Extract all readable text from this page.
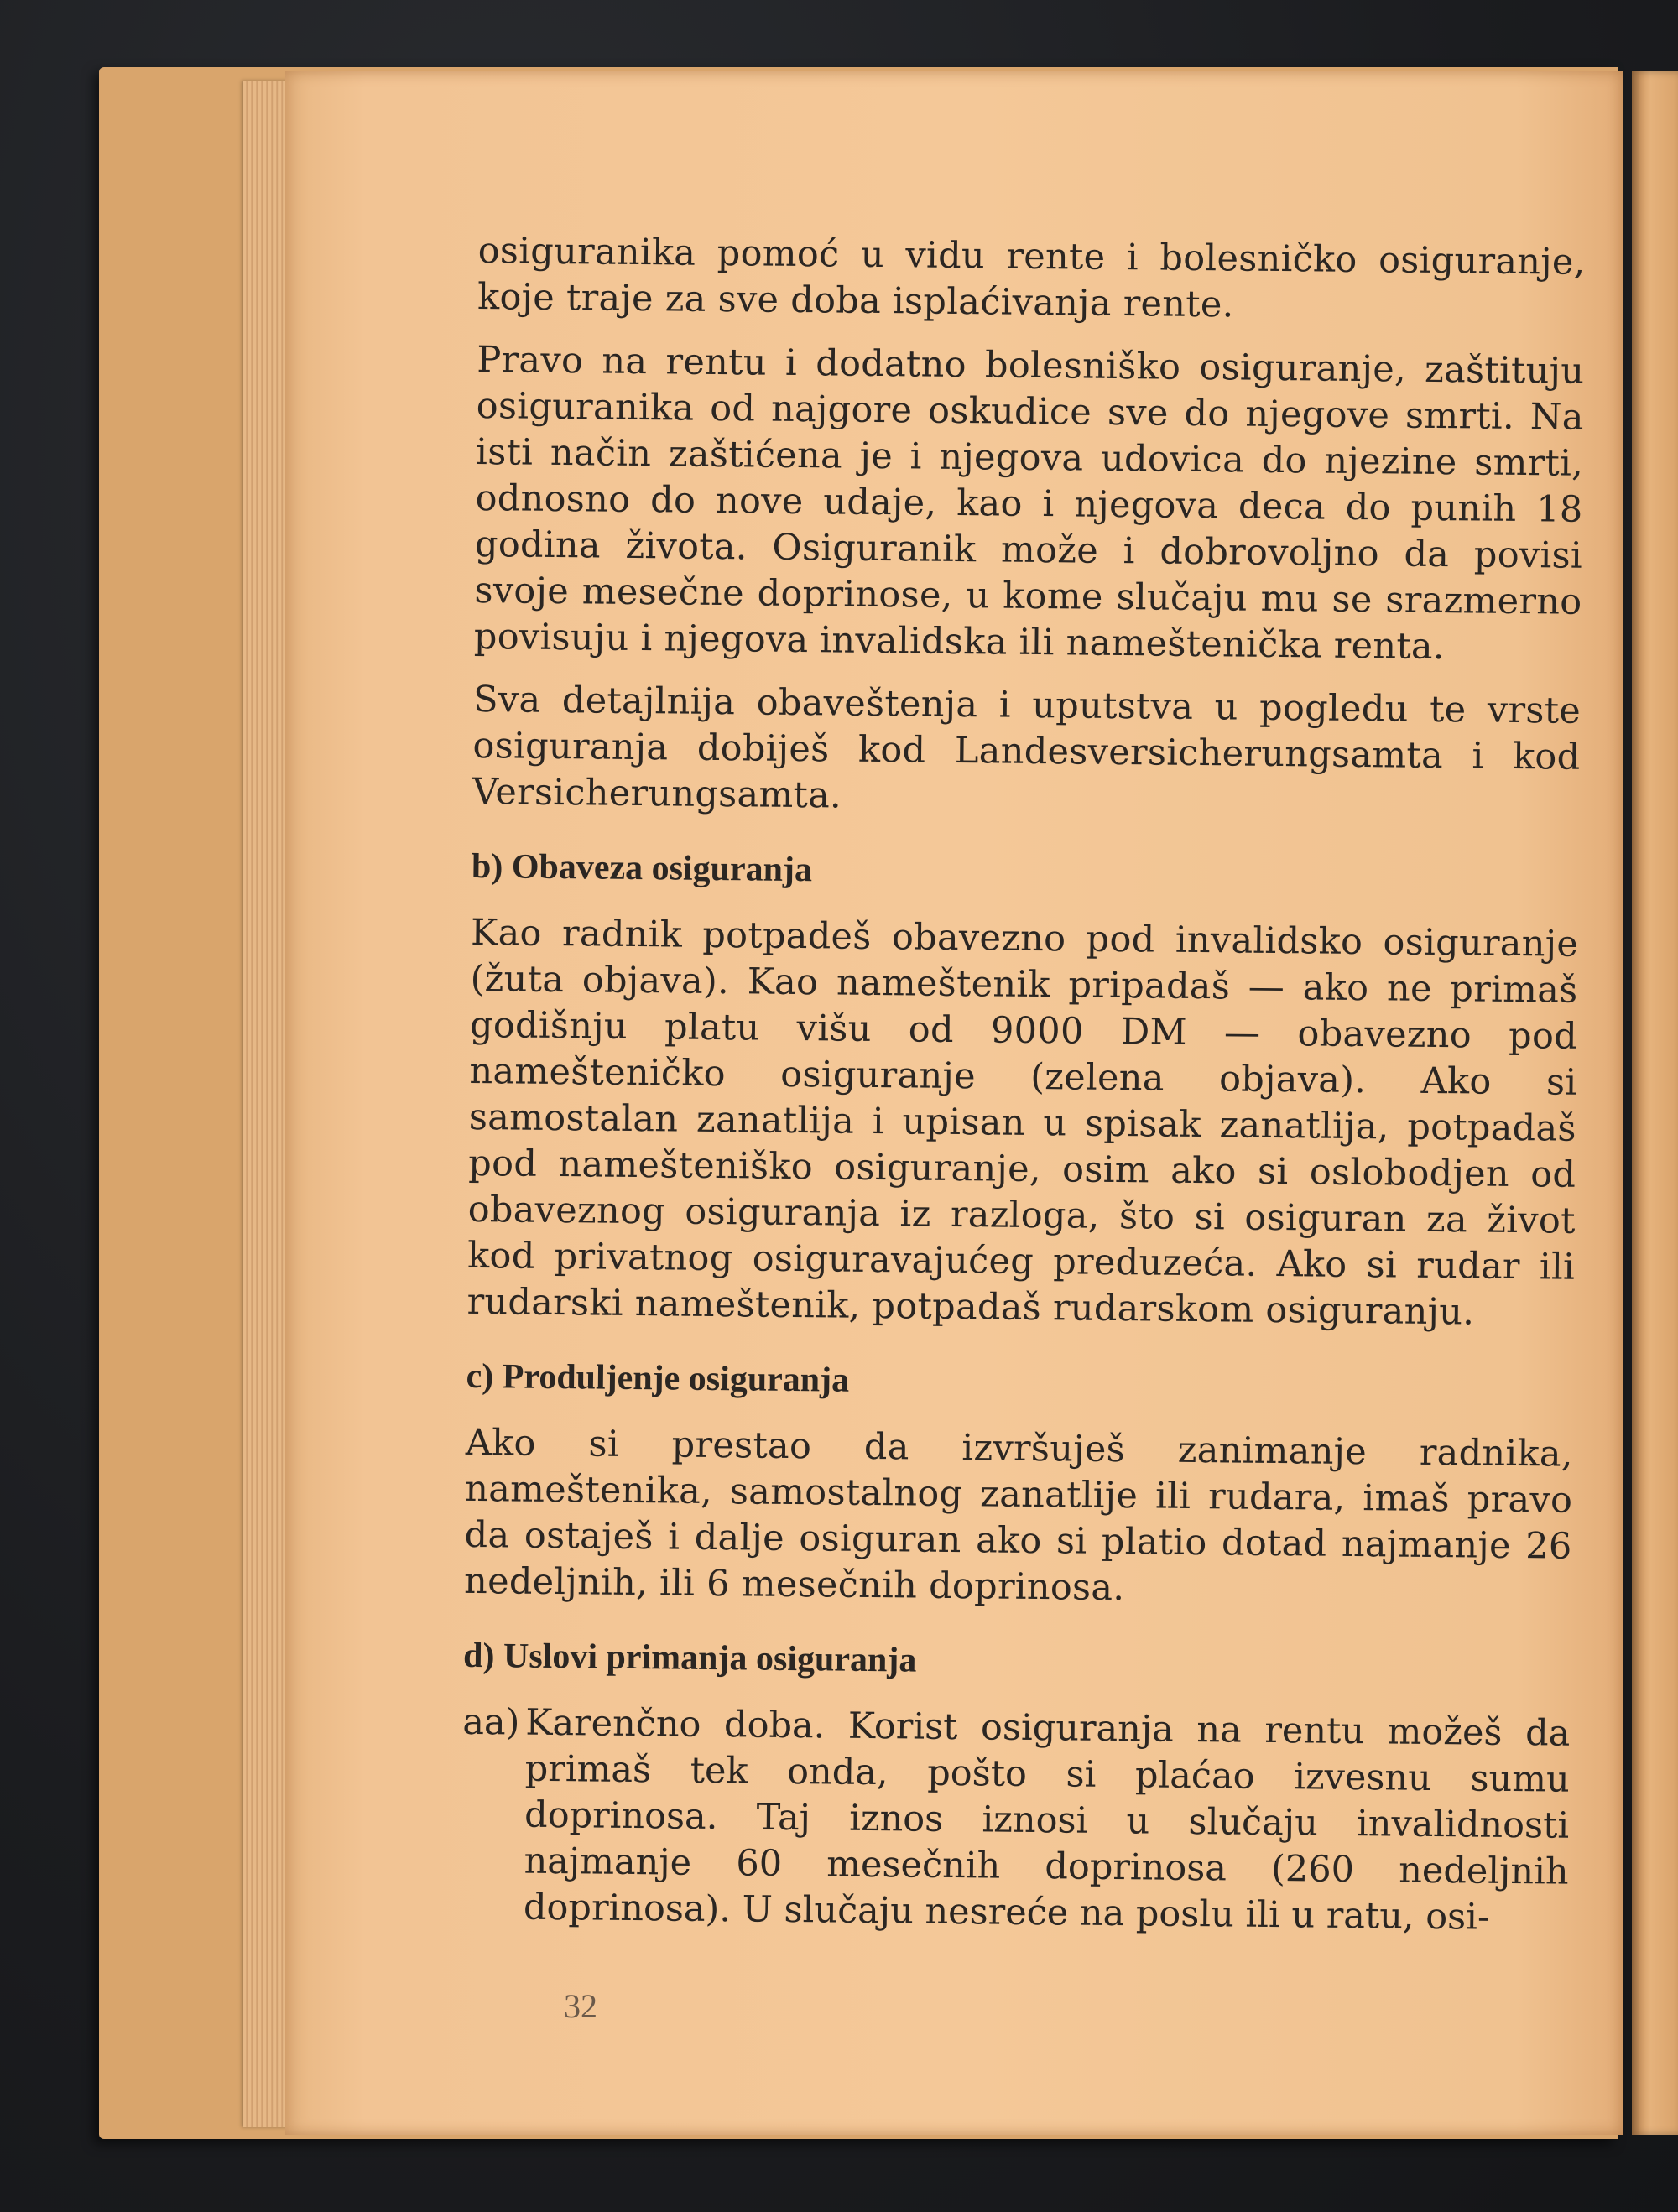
osiguranika pomoć u vidu rente i bolesničko osiguranje, koje traje za sve doba isplaćivanja rente.

Pravo na rentu i dodatno bolesniško osiguranje, zaštituju osiguranika od najgore oskudice sve do njegove smrti. Na isti način zaštićena je i njegova udovica do njezine smrti, odnosno do nove udaje, kao i njegova deca do punih 18 godina života. Osiguranik može i dobrovoljno da povisi svoje mesečne doprinose, u kome slučaju mu se srazmerno povisuju i njegova invalidska ili nameštenička renta.

Sva detajlnija obaveštenja i uputstva u pogledu te vrste osiguranja dobiješ kod Landesversicherungsamta i kod Versicherungsamta.

b) Obaveza osiguranja

Kao radnik potpadeš obavezno pod invalidsko osiguranje (žuta objava). Kao nameštenik pripadaš — ako ne primaš godišnju platu višu od 9000 DM — obavezno pod namešteničko osiguranje (zelena objava). Ako si samostalan zanatlija i upisan u spisak zanatlija, potpadaš pod namešteniško osiguranje, osim ako si oslobodjen od obaveznog osiguranja iz razloga, što si osiguran za život kod privatnog osiguravajućeg preduzeća. Ako si rudar ili rudarski nameštenik, potpadaš rudarskom osiguranju.

c) Produljenje osiguranja

Ako si prestao da izvršuješ zanimanje radnika, nameštenika, samostalnog zanatlije ili rudara, imaš pravo da ostaješ i dalje osiguran ako si platio dotad najmanje 26 nedeljnih, ili 6 mesečnih doprinosa.

d) Uslovi primanja osiguranja
aa) Karenčno doba. Korist osiguranja na rentu možeš da primaš tek onda, pošto si plaćao izvesnu sumu doprinosa. Taj iznos iznosi u slučaju invalidnosti najmanje 60 mesečnih doprinosa (260 nedeljnih doprinosa). U slučaju nesreće na poslu ili u ratu, osi-
32
